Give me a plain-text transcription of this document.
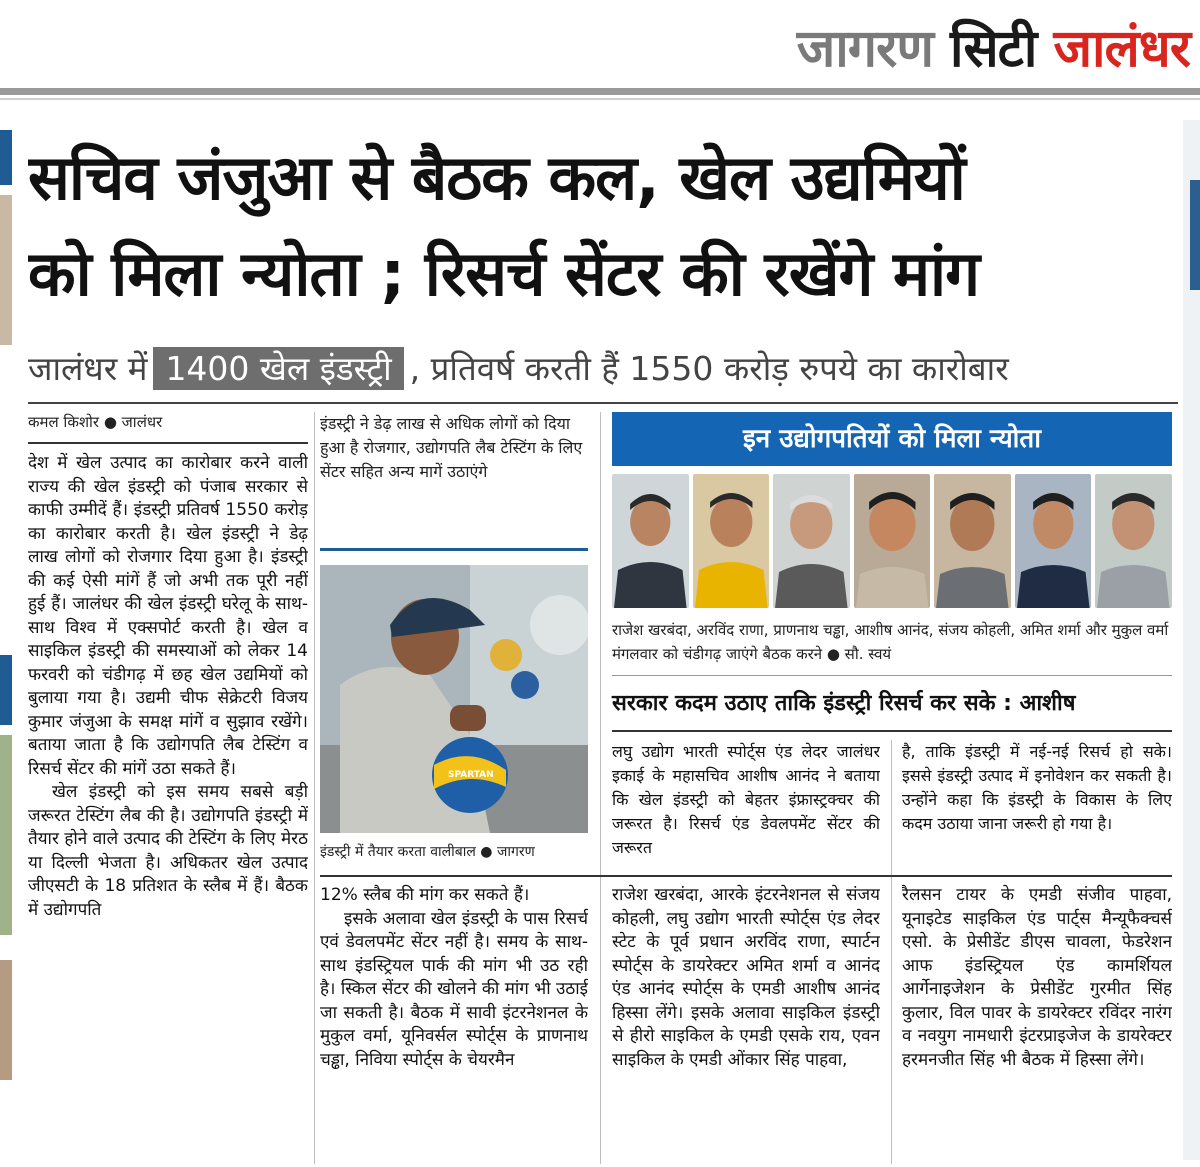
जागरण सिटी जालंधर
सचिव जंजुआ से बैठक कल, खेल उद्यमियों
को मिला न्योता ; रिसर्च सेंटर की रखेंगे मांग
जालंधर में 1400 खेल इंडस्ट्री , प्रतिवर्ष करती हैं 1550 करोड़ रुपये का कारोबार
कमल किशोर ● जालंधर

देश में खेल उत्पाद का कारोबार करने वाली राज्य की खेल इंडस्ट्री को पंजाब सरकार से काफी उम्मीदें हैं। इंडस्ट्री प्रतिवर्ष 1550 करोड़ का कारोबार करती है। खेल इंडस्ट्री ने डेढ़ लाख लोगों को रोजगार दिया हुआ है। इंडस्ट्री की कई ऐसी मांगें हैं जो अभी तक पूरी नहीं हुई हैं। जालंधर की खेल इंडस्ट्री घरेलू के साथ-साथ विश्व में एक्सपोर्ट करती है। खेल व साइकिल इंडस्ट्री की समस्याओं को लेकर 14 फरवरी को चंडीगढ़ में छह खेल उद्यमियों को बुलाया गया है। उद्यमी चीफ सेक्रेटरी विजय कुमार जंजुआ के समक्ष मांगें व सुझाव रखेंगे। बताया जाता है कि उद्योगपति लैब टेस्टिंग व रिसर्च सेंटर की मांगें उठा सकते हैं।

खेल इंडस्ट्री को इस समय सबसे बड़ी जरूरत टेस्टिंग लैब की है। उद्योगपति इंडस्ट्री में तैयार होने वाले उत्पाद की टेस्टिंग के लिए मेरठ या दिल्ली भेजता है। अधिकतर खेल उत्पाद जीएसटी के 18 प्रतिशत के स्लैब में हैं। बैठक में उद्योगपति

इंडस्ट्री ने डेढ़ लाख से अधिक लोगों को दिया हुआ है रोजगार, उद्योगपति लैब टेस्टिंग के लिए सेंटर सहित अन्य मागें उठाएंगे
SPARTAN
इंडस्ट्री में तैयार करता वालीबाल ● जागरण
इन उद्योगपतियों को मिला न्योता
राजेश खरबंदा, अरविंद राणा, प्राणनाथ चड्ढा, आशीष आनंद, संजय कोहली, अमित शर्मा और मुकुल वर्मा मंगलवार को चंडीगढ़ जाएंगे बैठक करने ● सौ. स्वयं
सरकार कदम उठाए ताकि इंडस्ट्री रिसर्च कर सके : आशीष
लघु उद्योग भारती स्पोर्ट्स एंड लेदर जालंधर इकाई के महासचिव आशीष आनंद ने बताया कि खेल इंडस्ट्री को बेहतर इंफ्रास्ट्रक्चर की जरूरत है। रिसर्च एंड डेवलपमेंट सेंटर की जरूरत
है, ताकि इंडस्ट्री में नई-नई रिसर्च हो सके। इससे इंडस्ट्री उत्पाद में इनोवेशन कर सकती है। उन्होंने कहा कि इंडस्ट्री के विकास के लिए कदम उठाया जाना जरूरी हो गया है।

12% स्लैब की मांग कर सकते हैं।

इसके अलावा खेल इंडस्ट्री के पास रिसर्च एवं डेवलपमेंट सेंटर नहीं है। समय के साथ-साथ इंडस्ट्रियल पार्क की मांग भी उठ रही है। स्किल सेंटर की खोलने की मांग भी उठाई जा सकती है। बैठक में सावी इंटरनेशनल के मुकुल वर्मा, यूनिवर्सल स्पोर्ट्स के प्राणनाथ चड्ढा, निविया स्पोर्ट्स के चेयरमैन

राजेश खरबंदा, आरके इंटरनेशनल से संजय कोहली, लघु उद्योग भारती स्पोर्ट्स एंड लेदर स्टेट के पूर्व प्रधान अरविंद राणा, स्पार्टन स्पोर्ट्स के डायरेक्टर अमित शर्मा व आनंद एंड आनंद स्पोर्ट्स के एमडी आशीष आनंद हिस्सा लेंगे। इसके अलावा साइकिल इंडस्ट्री से हीरो साइकिल के एमडी एसके राय, एवन साइकिल के एमडी ओंकार सिंह पाहवा,
रैलसन टायर के एमडी संजीव पाहवा, यूनाइटेड साइकिल एंड पार्ट्स मैन्यूफैक्चर्स एसो. के प्रेसीडेंट डीएस चावला, फेडरेशन आफ इंडस्ट्रियल एंड कामर्शियल आर्गेनाइजेशन के प्रेसीडेंट गुरमीत सिंह कुलार, विल पावर के डायरेक्टर रविंदर नारंग व नवयुग नामधारी इंटरप्राइजेज के डायरेक्टर हरमनजीत सिंह भी बैठक में हिस्सा लेंगे।
